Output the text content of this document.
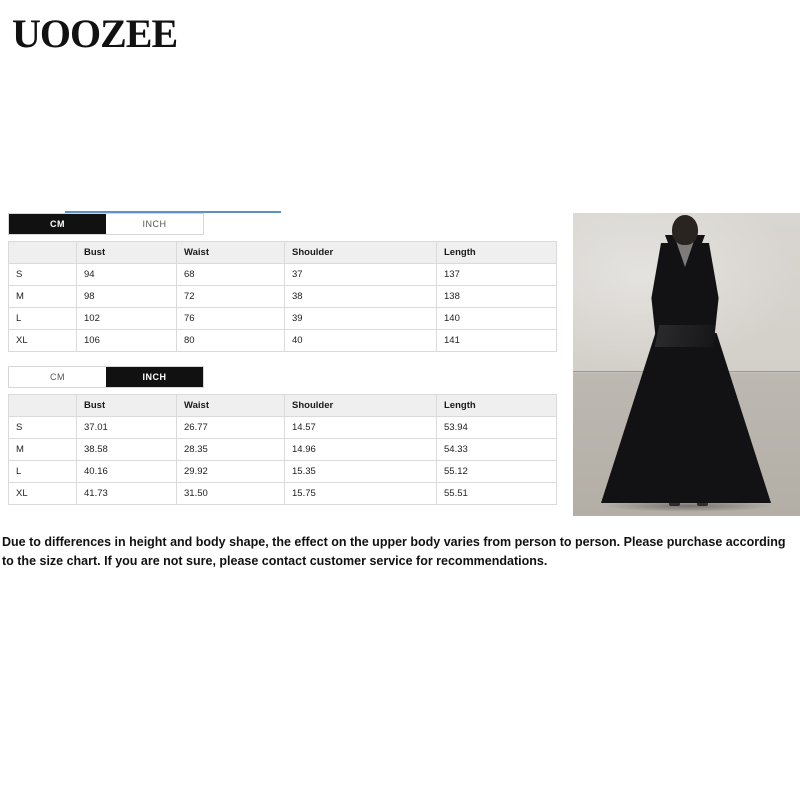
UOOZEE
CM	INCH
	Bust	Waist	Shoulder	Length
S	94	68	37	137
M	98	72	38	138
L	102	76	39	140
XL	106	80	40	141
CM	INCH
	Bust	Waist	Shoulder	Length
S	37.01	26.77	14.57	53.94
M	38.58	28.35	14.96	54.33
L	40.16	29.92	15.35	55.12
XL	41.73	31.50	15.75	55.51
Due to differences in height and body shape, the effect on the upper body varies from person to person. Please purchase according to the size chart. If you are not sure, please contact customer service for recommendations.
